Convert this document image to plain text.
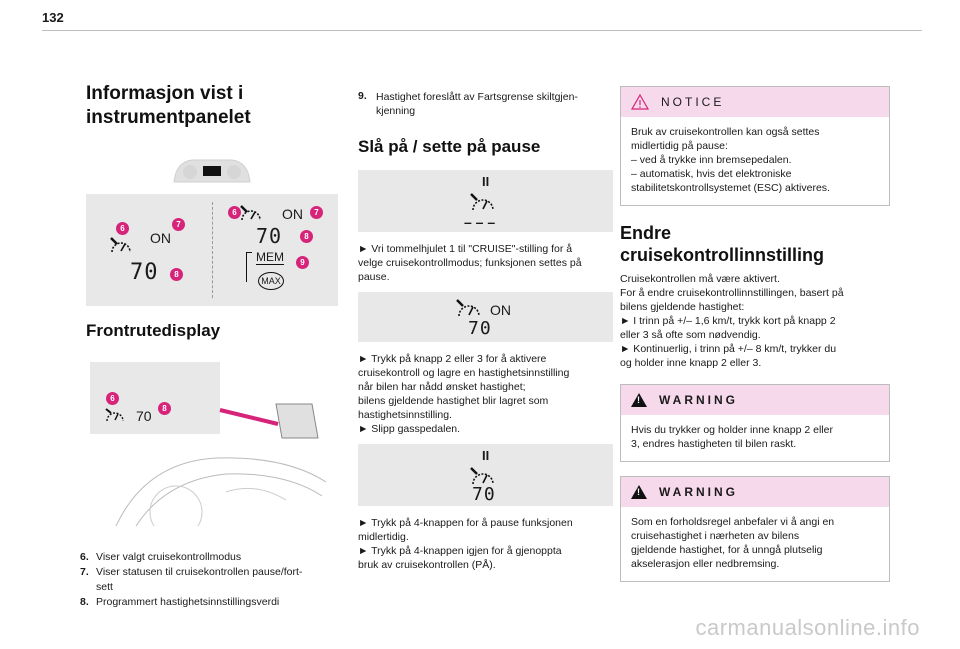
132
Informasjon vist i
instrumentpanelet
6
ON
7
70	8
6	ON	7
70	8
MEM	9
MAX
Frontrutedisplay
6
70	8
6. Viser valgt cruisekontrollmodus
7. Viser statusen til cruisekontrollen pause/fort-
sett
8. Programmert hastighetsinnstillingsverdi
9. Hastighet foreslått av Fartsgrense skiltgjen-
kjenning

Slå på / sette på pause
II
– – –

► Vri tommelhjulet 1 til "CRUISE"-stilling for å
velge cruisekontrollmodus; funksjonen settes på
pause.

ON
70

► Trykk på knapp 2 eller 3 for å aktivere
cruisekontroll og lagre en hastighetsinnstilling
når bilen har nådd ønsket hastighet;
bilens gjeldende hastighet blir lagret som
hastighetsinnstilling.
► Slipp gasspedalen.

II
70

► Trykk på 4-knappen for å pause funksjonen
midlertidig.
► Trykk på 4-knappen igjen for å gjenoppta
bruk av cruisekontrollen (PÅ).

NOTICE

Bruk av cruisekontrollen kan også settes
midlertidig på pause:
– ved å trykke inn bremsepedalen.
– automatisk, hvis det elektroniske
stabilitetskontrollsystemet (ESC) aktiveres.

Endre
cruisekontrollinnstilling

Cruisekontrollen må være aktivert.
For å endre cruisekontrollinnstillingen, basert på
bilens gjeldende hastighet:
► I trinn på +/– 1,6 km/t, trykk kort på knapp 2
eller 3 så ofte som nødvendig.
► Kontinuerlig, i trinn på +/– 8 km/t, trykker du
og holder inne knapp 2 eller 3.

!
WARNING

Hvis du trykker og holder inne knapp 2 eller
3, endres hastigheten til bilen raskt.

!
WARNING

Som en forholdsregel anbefaler vi å angi en
cruisehastighet i nærheten av bilens
gjeldende hastighet, for å unngå plutselig
akselerasjon eller nedbremsing.

carmanualsonline.info
